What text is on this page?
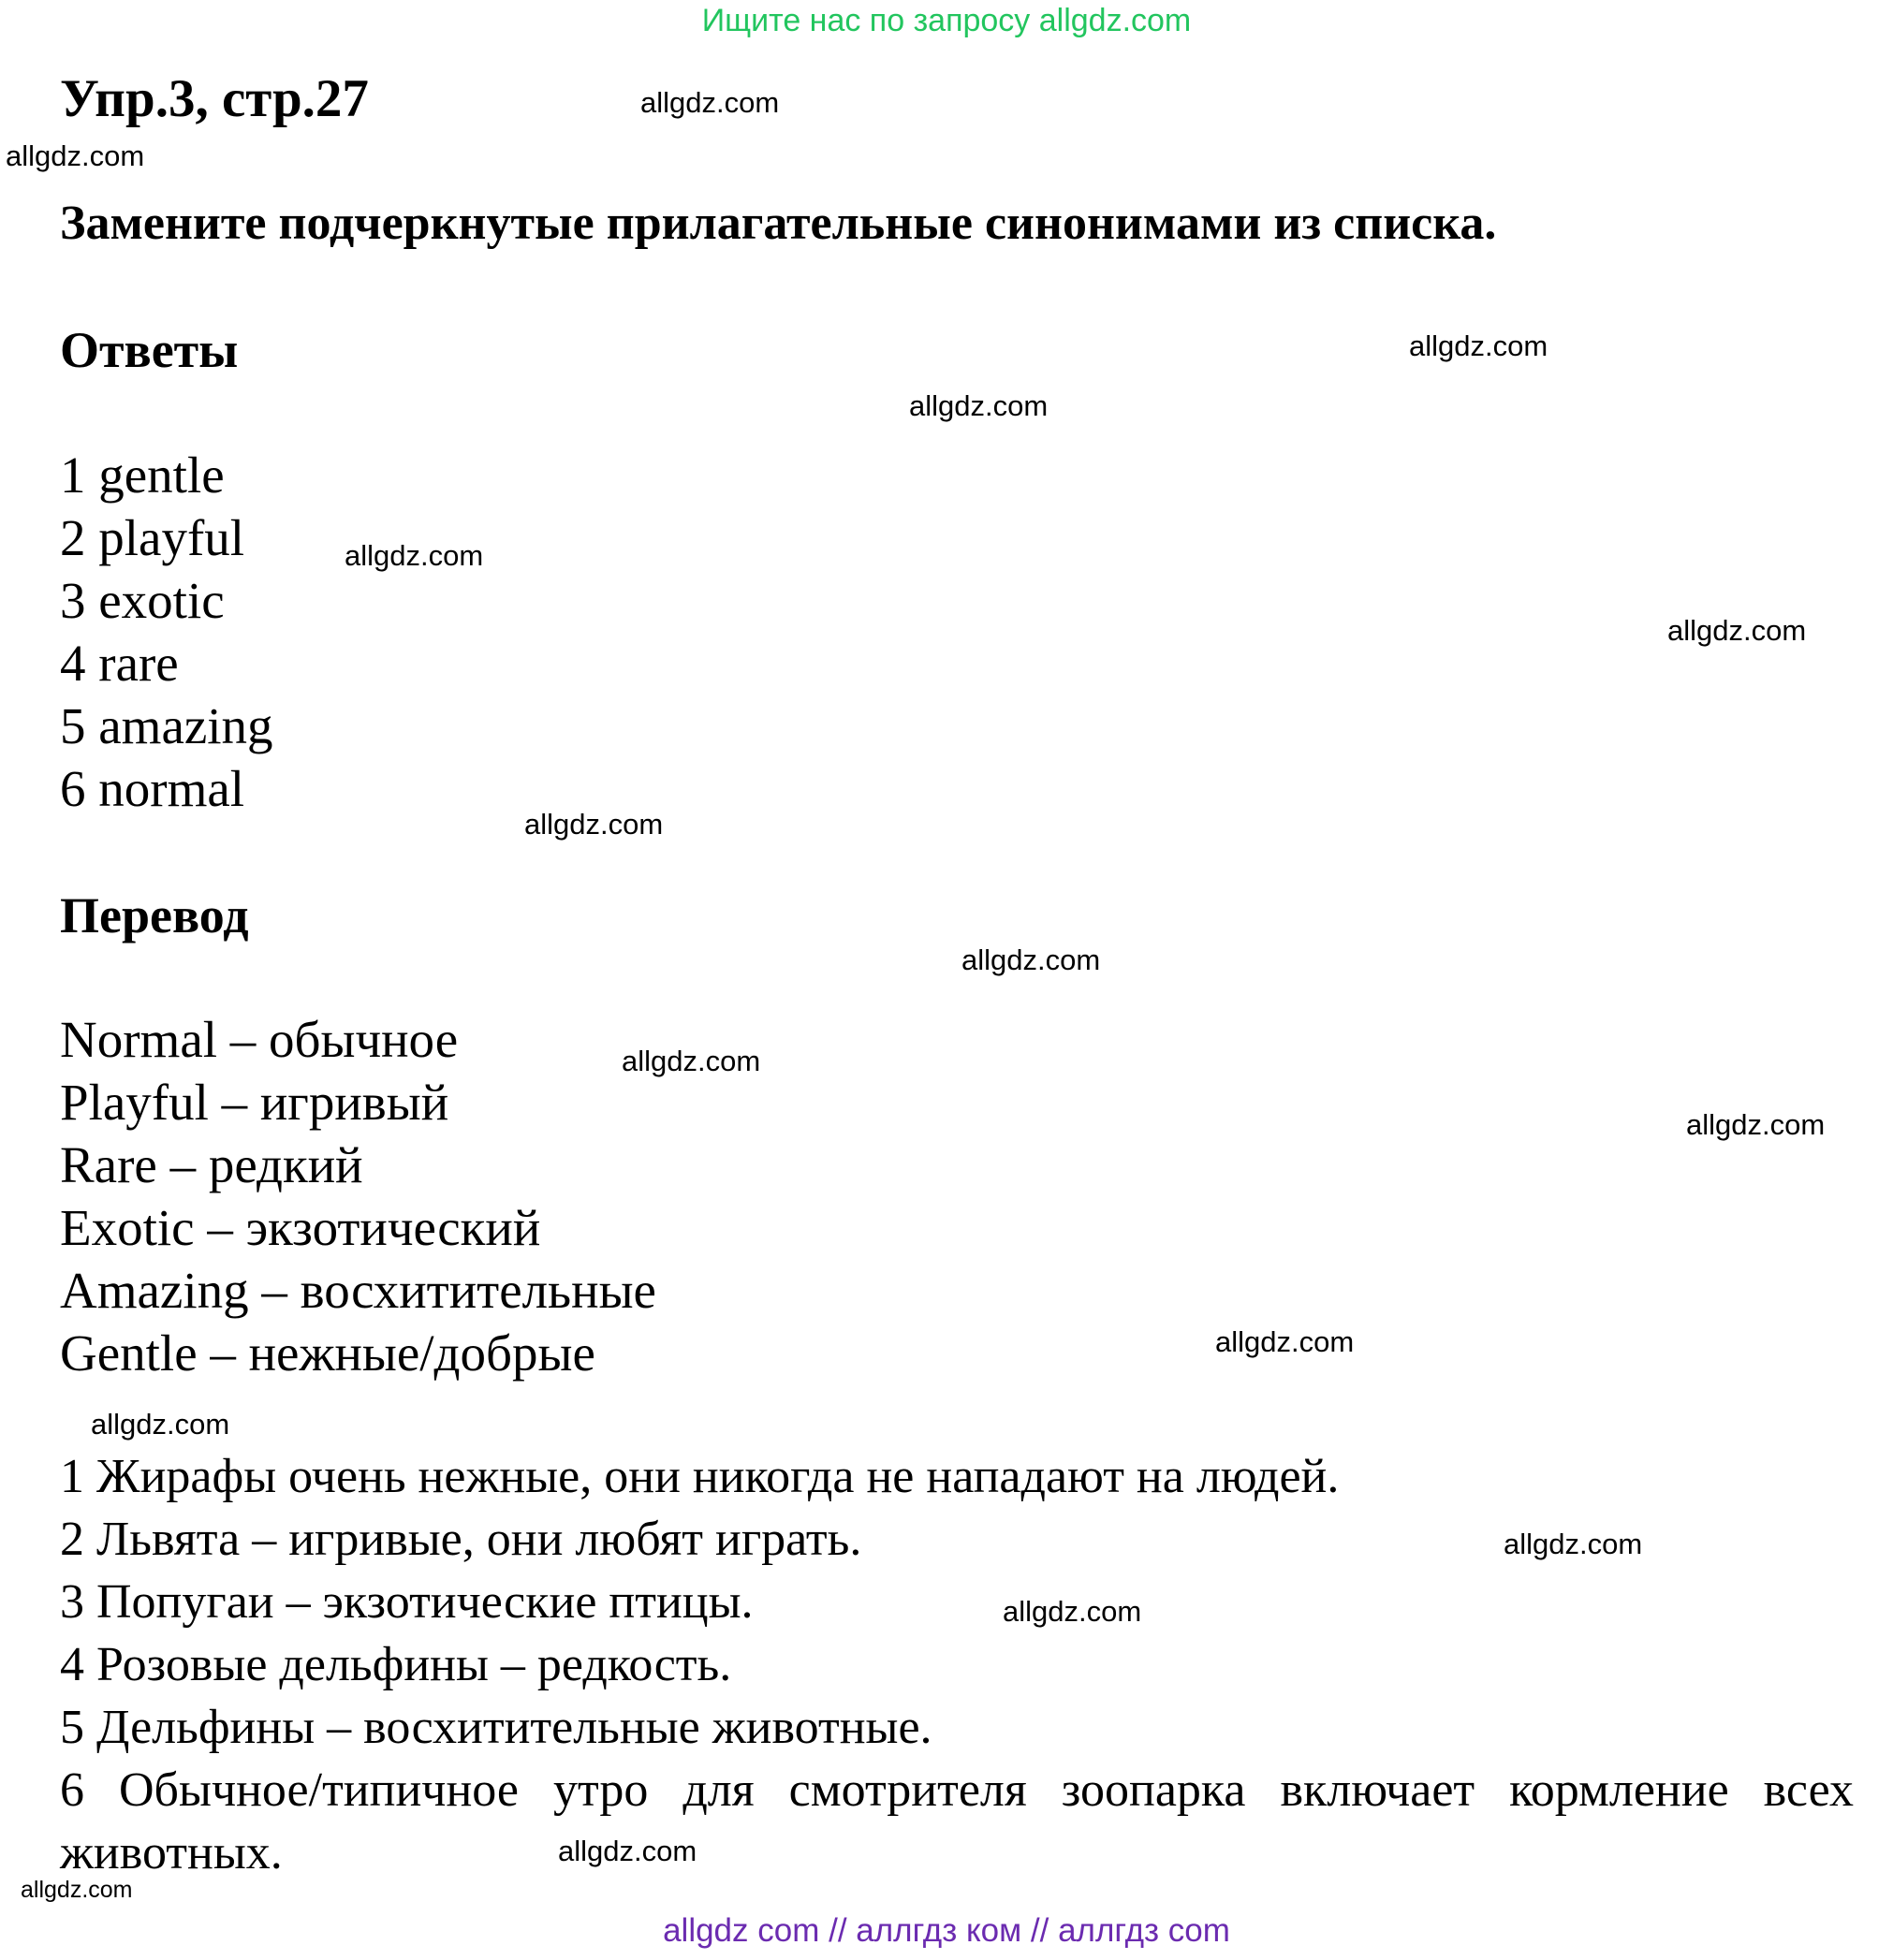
Ищите нас по запросу allgdz.com
Упр.3, стр.27

Замените подчеркнутые прилагательные синонимами из списка.

Ответы
1 gentle
2 playful
3 exotic
4 rare
5 amazing
6 normal
Перевод
Normal – обычное
Playful – игривый
Rare – редкий
Exotic – экзотический
Amazing – восхитительные
Gentle – нежные/добрые
1 Жирафы очень нежные, они никогда не нападают на людей.
2 Львята – игривые, они любят играть.
3 Попугаи – экзотические птицы.
4 Розовые дельфины – редкость.
5 Дельфины – восхитительные животные.
6 Обычное/типичное утро для смотрителя зоопарка включает кормление всех животных.
allgdz.com
allgdz.com
allgdz.com
allgdz.com
allgdz.com
allgdz.com
allgdz.com
allgdz.com
allgdz.com
allgdz.com
allgdz.com
allgdz.com
allgdz.com
allgdz.com
allgdz.com
allgdz.com
allgdz com // аллгдз ком // аллгдз com
